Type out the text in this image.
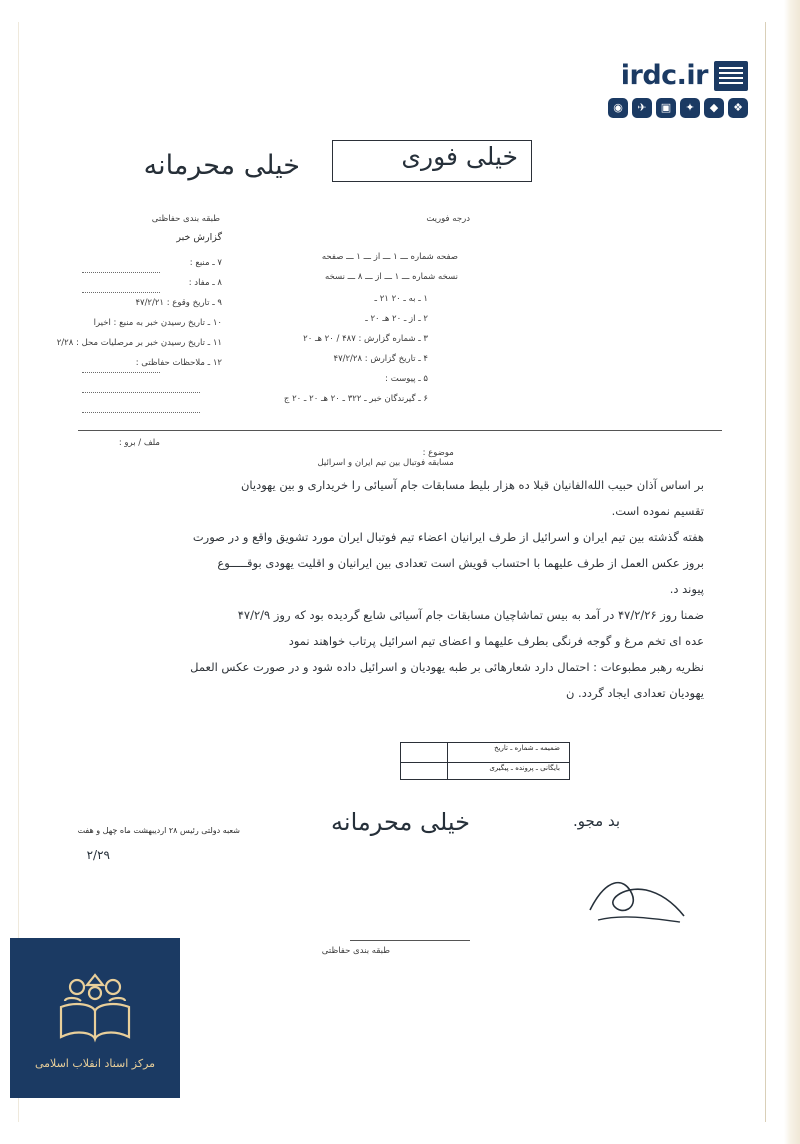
irdc.ir
◉	✈	▣	✦	◆	❖
خیلی فوری
درجه فوریت
خیلی محرمانه
طبقه بندی حفاظتی
گزارش خبر
صفحه شماره ـــ ۱ ـــ از ـــ ۱ ـــ صفحه
نسخه شماره ـــ ۱ ـــ از ـــ ۸ ـــ نسخه
۱ ـ به ـ ۲۰ ۲۱ ـ
۲ ـ از ـ ۲۰ هـ ۲۰ ـ
۳ ـ شماره گزارش : ۴۸۷ / ۲۰ هـ ۲۰
۴ ـ تاریخ گزارش : ۴۷/۲/۲۸
۵ ـ پیوست :
۶ ـ گیرندگان خبر ـ ۳۲۲ ـ ۲۰ هـ ۲۰ ـ ۲۰ ج
۷ ـ منبع :
۸ ـ مفاد :
۹ ـ تاریخ وقوع : ۴۷/۲/۲۱
۱۰ ـ تاریخ رسیدن خبر به منبع : اخیرا
۱۱ ـ تاریخ رسیدن خبر بر مرصلیات محل : ۲/۲۸
۱۲ ـ ملاحظات حفاظتی :

موضوع :
مسابقه فوتبال بین تیم ایران و اسرائیل

ملف / برو :
بر اساس آذان حبیب اللهﺍلفانیان قبلا ده هزار بلیط مسابقات جام آسیائی را خریداری و بین یهودیان
تقسیم نموده است.
هفته گذشته بین تیم ایران و اسرائیل از طرف ایرانیان اعضاء تیم فوتبال ایران مورد تشویق واقع و در صورت
بروز عکس العمل از طرف علیهما با احتساب قویش است تعدادی بین ایرانیان و اقلیت یهودی بوقـــــوع
پیوند د.
ضمنا روز ۴۷/۲/۲۶ در آمد به بیس تماشاچیان مسابقات جام آسیائی شایع گردیده بود که روز ۴۷/۲/۹
عده ای تخم مرغ و گوجه فرنگی بطرف علیهما و اعضای تیم اسرائیل پرتاب خواهند نمود
نظریه رهبر مطبوعات : احتمال دارد شعارهائی بر طبه یهودیان و اسرائیل داده شود و در صورت عکس العمل
یهودیان تعدادی ایجاد گردد. ن
ضمیمه ـ شماره ـ تاریخ
بایگانی ـ پرونده ـ پیگیری
بد مجو.
خیلی محرمانه
شعبه دولتی رئیس ۲۸ اردیبهشت ماه چهل و هفت
۲/۲۹
طبقه بندی حفاظتی
مرکز اسناد انقلاب اسلامی
